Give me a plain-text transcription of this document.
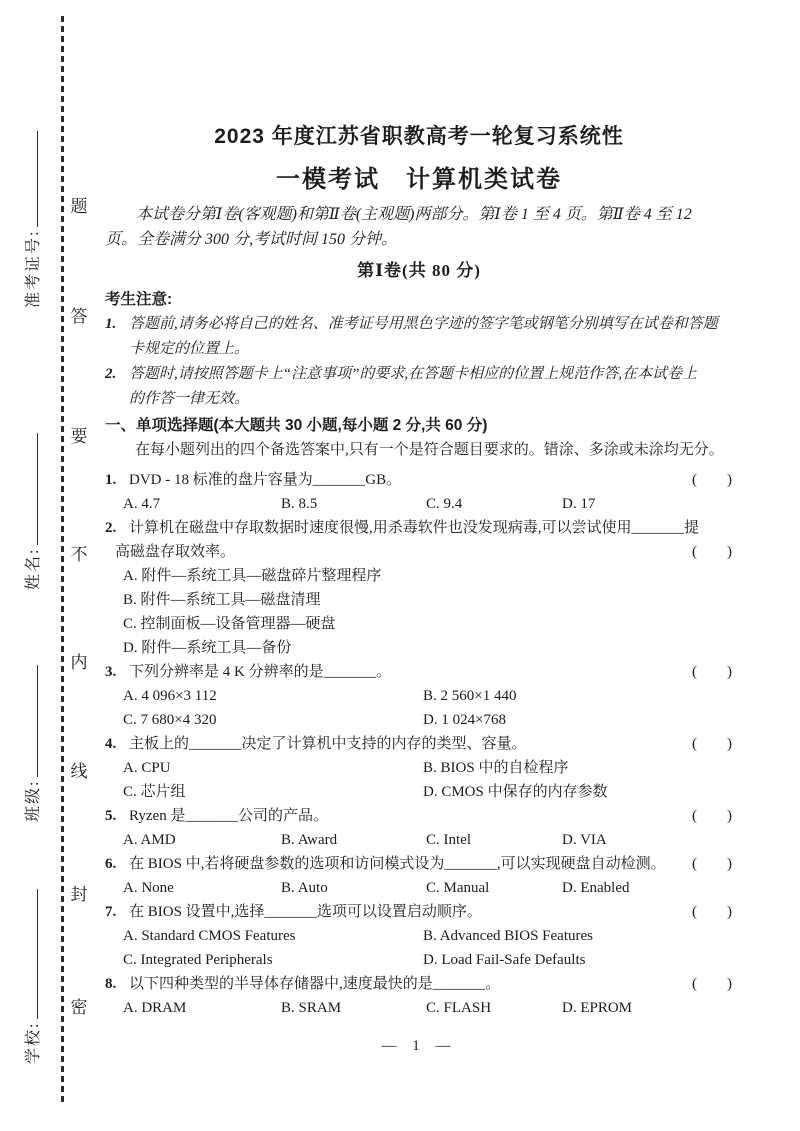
准考证号:
姓名:
班级:
学校:
题
答
要
不
内
线
封
密
2023 年度江苏省职教高考一轮复习系统性
一模考试　计算机类试卷
本试卷分第Ⅰ卷(客观题)和第Ⅱ卷(主观题)两部分。第Ⅰ卷 1 至 4 页。第Ⅱ卷 4 至 12
页。全卷满分 300 分,考试时间 150 分钟。
第Ⅰ卷(共 80 分)
考生注意:
1. 答题前,请务必将自己的姓名、准考证号用黑色字迹的签字笔或钢笔分别填写在试卷和答题
卡规定的位置上。
2. 答题时,请按照答题卡上“注意事项”的要求,在答题卡相应的位置上规范作答,在本试卷上
的作答一律无效。
一、单项选择题(本大题共 30 小题,每小题 2 分,共 60 分)
在每小题列出的四个备选答案中,只有一个是符合题目要求的。错涂、多涂或未涂均无分。
1. DVD - 18 标准的盘片容量为_______GB。	(　　)
A. 4.7	B. 8.5	C. 9.4	D. 17
2. 计算机在磁盘中存取数据时速度很慢,用杀毒软件也没发现病毒,可以尝试使用_______提
高磁盘存取效率。	(　　)
A. 附件—系统工具—磁盘碎片整理程序
B. 附件—系统工具—磁盘清理
C. 控制面板—设备管理器—硬盘
D. 附件—系统工具—备份
3. 下列分辨率是 4 K 分辨率的是_______。	(　　)
A. 4 096×3 112	B. 2 560×1 440
C. 7 680×4 320	D. 1 024×768
4. 主板上的_______决定了计算机中支持的内存的类型、容量。	(　　)
A. CPU	B. BIOS 中的自检程序
C. 芯片组	D. CMOS 中保存的内存参数
5. Ryzen 是_______公司的产品。	(　　)
A. AMD	B. Award	C. Intel	D. VIA
6. 在 BIOS 中,若将硬盘参数的选项和访问模式设为_______,可以实现硬盘自动检测。 (　　)
A. None	B. Auto	C. Manual	D. Enabled
7. 在 BIOS 设置中,选择_______选项可以设置启动顺序。	(　　)
A. Standard CMOS Features	B. Advanced BIOS Features
C. Integrated Peripherals	D. Load Fail-Safe Defaults
8. 以下四种类型的半导体存储器中,速度最快的是_______。	(　　)
A. DRAM	B. SRAM	C. FLASH	D. EPROM
— 1 —
